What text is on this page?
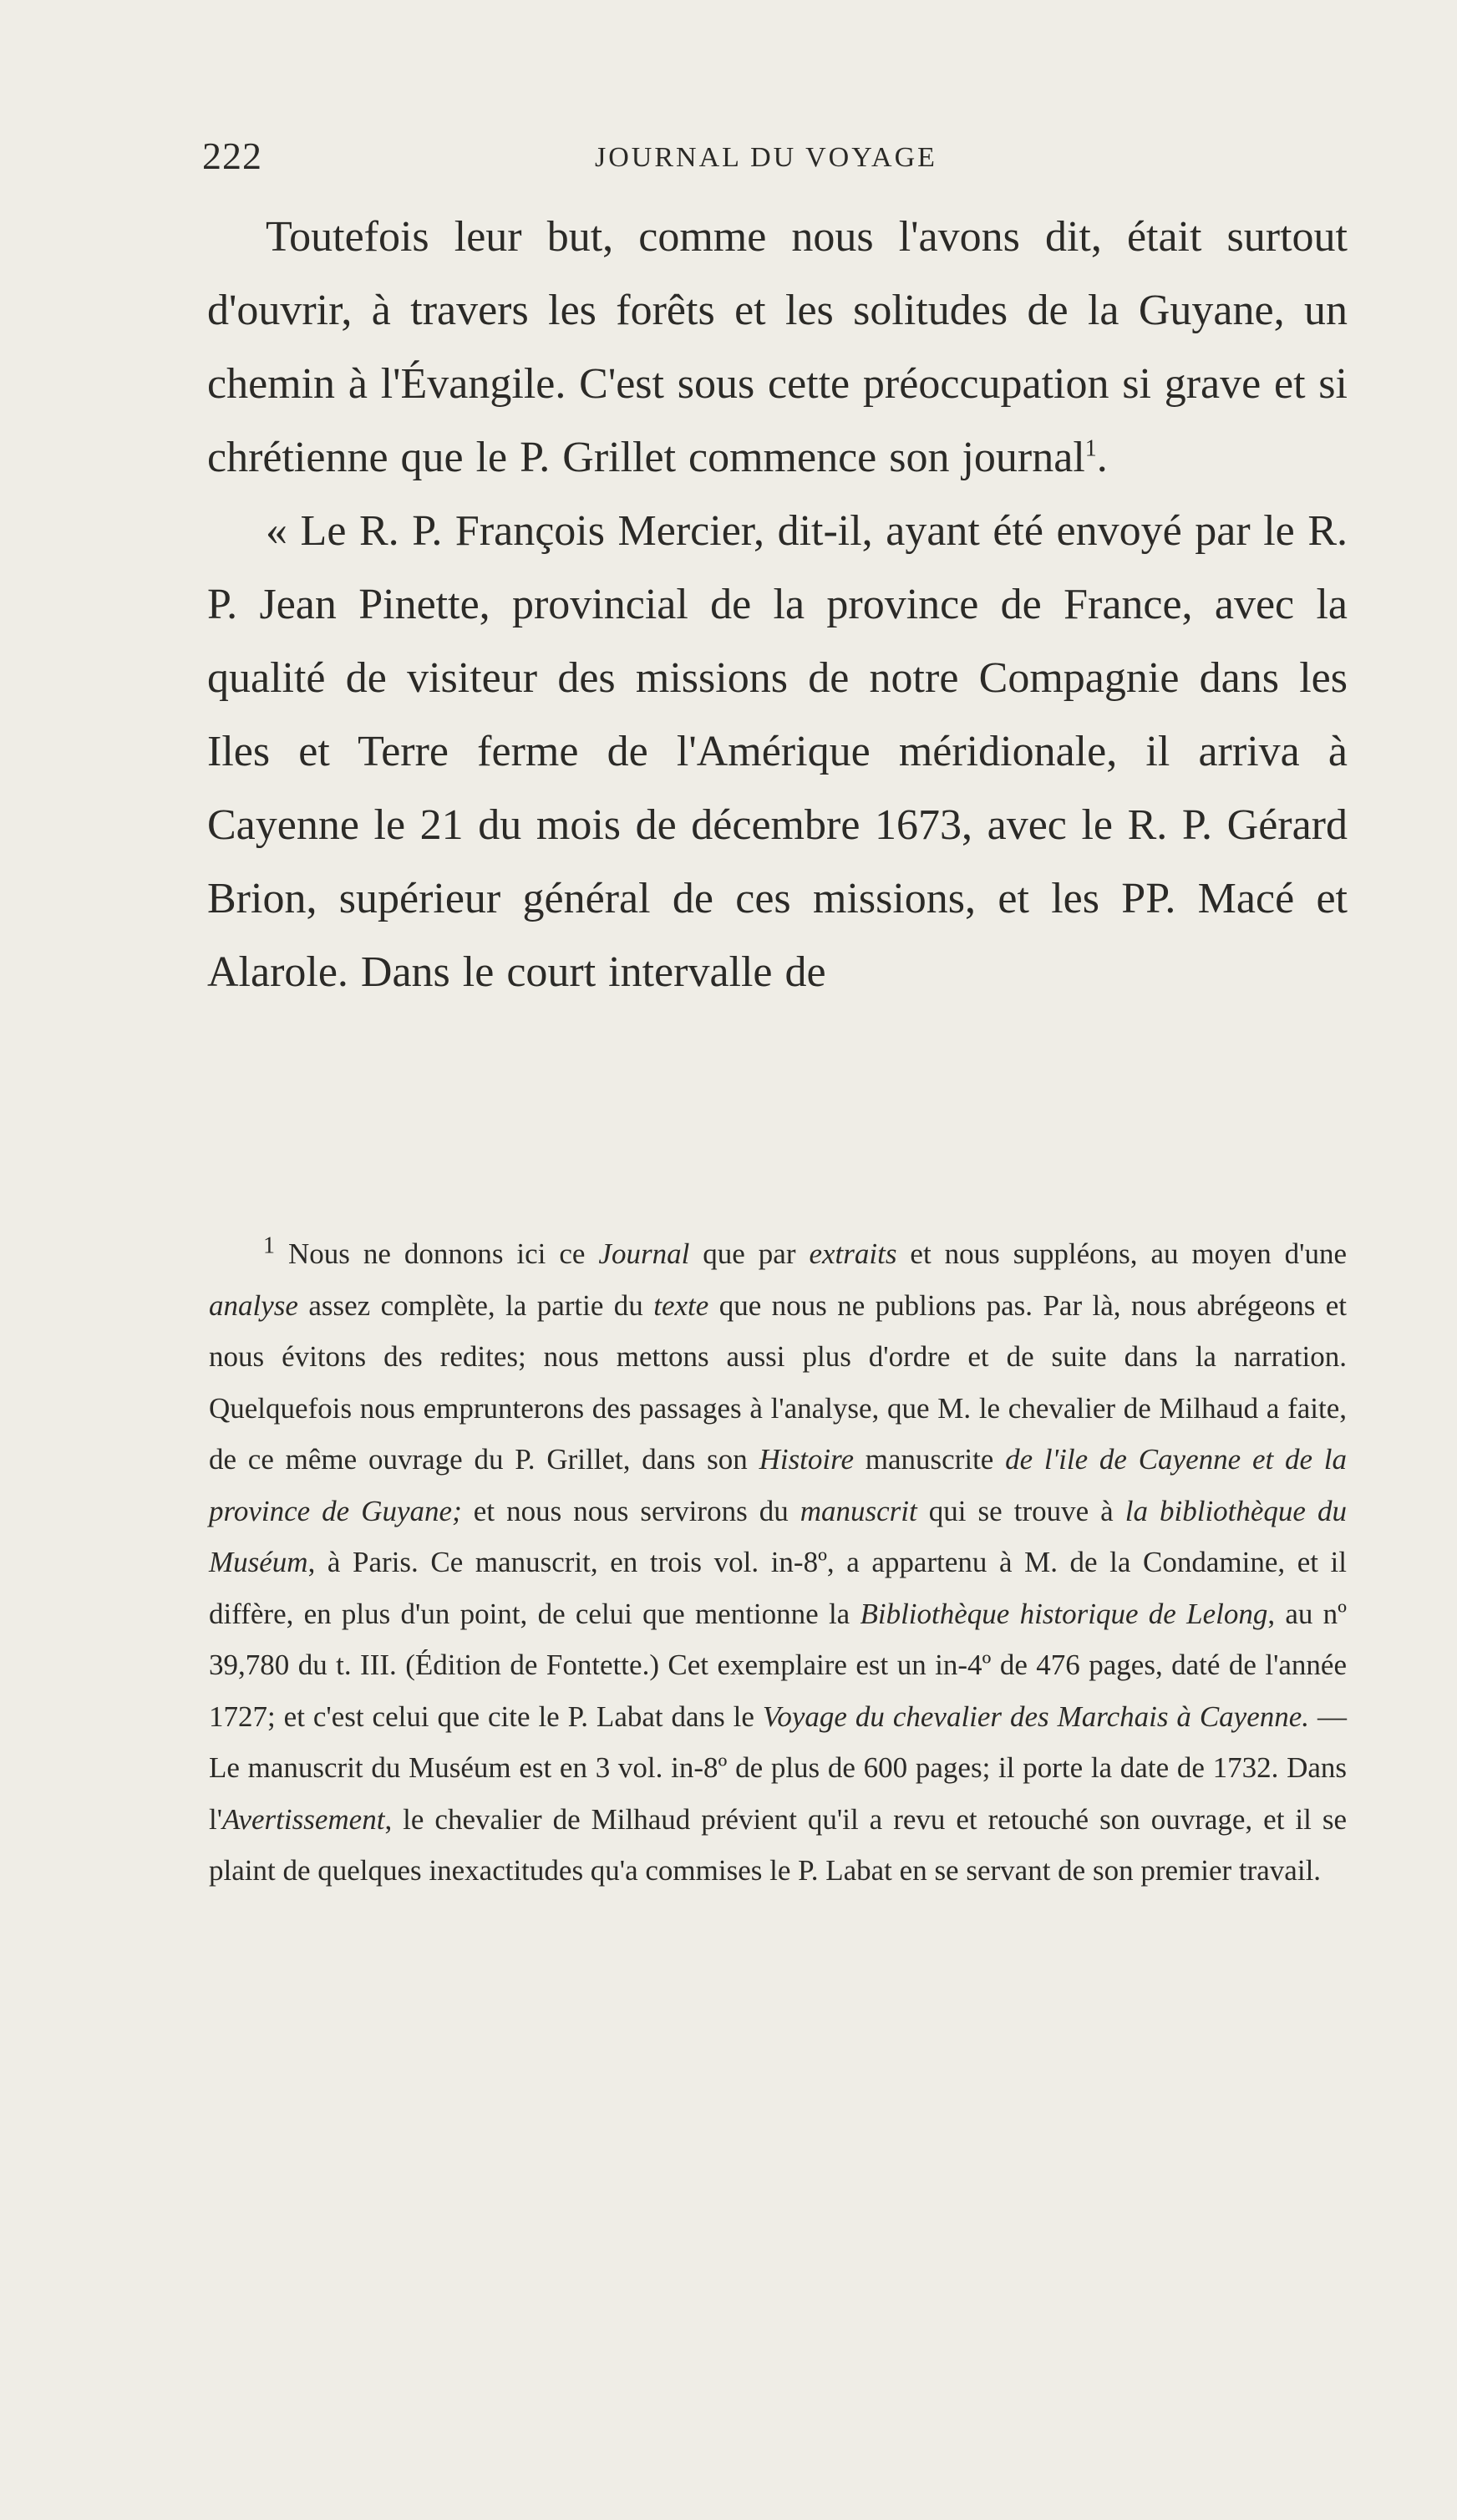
222	JOURNAL DU VOYAGE

Toutefois leur but, comme nous l'avons dit, était surtout d'ouvrir, à travers les forêts et les solitudes de la Guyane, un chemin à l'Évangile. C'est sous cette préoccupation si grave et si chrétienne que le P. Grillet commence son journal$^1$.
« Le R. P. François Mercier, dit-il, ayant été envoyé par le R. P. Jean Pinette, provincial de la province de France, avec la qualité de visiteur des missions de notre Compagnie dans les Iles et Terre ferme de l'Amérique méridionale, il arriva à Cayenne le 21 du mois de décembre 1673, avec le R. P. Gérard Brion, supérieur général de ces missions, et les PP. Macé et Alarole. Dans le court intervalle de

$^1$ Nous ne donnons ici ce Journal que par extraits et nous suppléons, au moyen d'une analyse assez complète, la partie du texte que nous ne publions pas. Par là, nous abrégeons et nous évitons des redites; nous mettons aussi plus d'ordre et de suite dans la narration. Quelquefois nous emprunterons des passages à l'analyse, que M. le chevalier de Milhaud a faite, de ce même ouvrage du P. Grillet, dans son Histoire manuscrite de l'ile de Cayenne et de la province de Guyane; et nous nous servirons du manuscrit qui se trouve à la bibliothèque du Muséum, à Paris. Ce manuscrit, en trois vol. in-8º, a appartenu à M. de la Condamine, et il diffère, en plus d'un point, de celui que mentionne la Bibliothèque historique de Lelong, au nº 39,780 du t. III. (Édition de Fontette.) Cet exemplaire est un in-4º de 476 pages, daté de l'année 1727; et c'est celui que cite le P. Labat dans le Voyage du chevalier des Marchais à Cayenne. — Le manuscrit du Muséum est en 3 vol. in-8º de plus de 600 pages; il porte la date de 1732. Dans l'Avertissement, le chevalier de Milhaud prévient qu'il a revu et retouché son ouvrage, et il se plaint de quelques inexactitudes qu'a commises le P. Labat en se servant de son premier travail.
